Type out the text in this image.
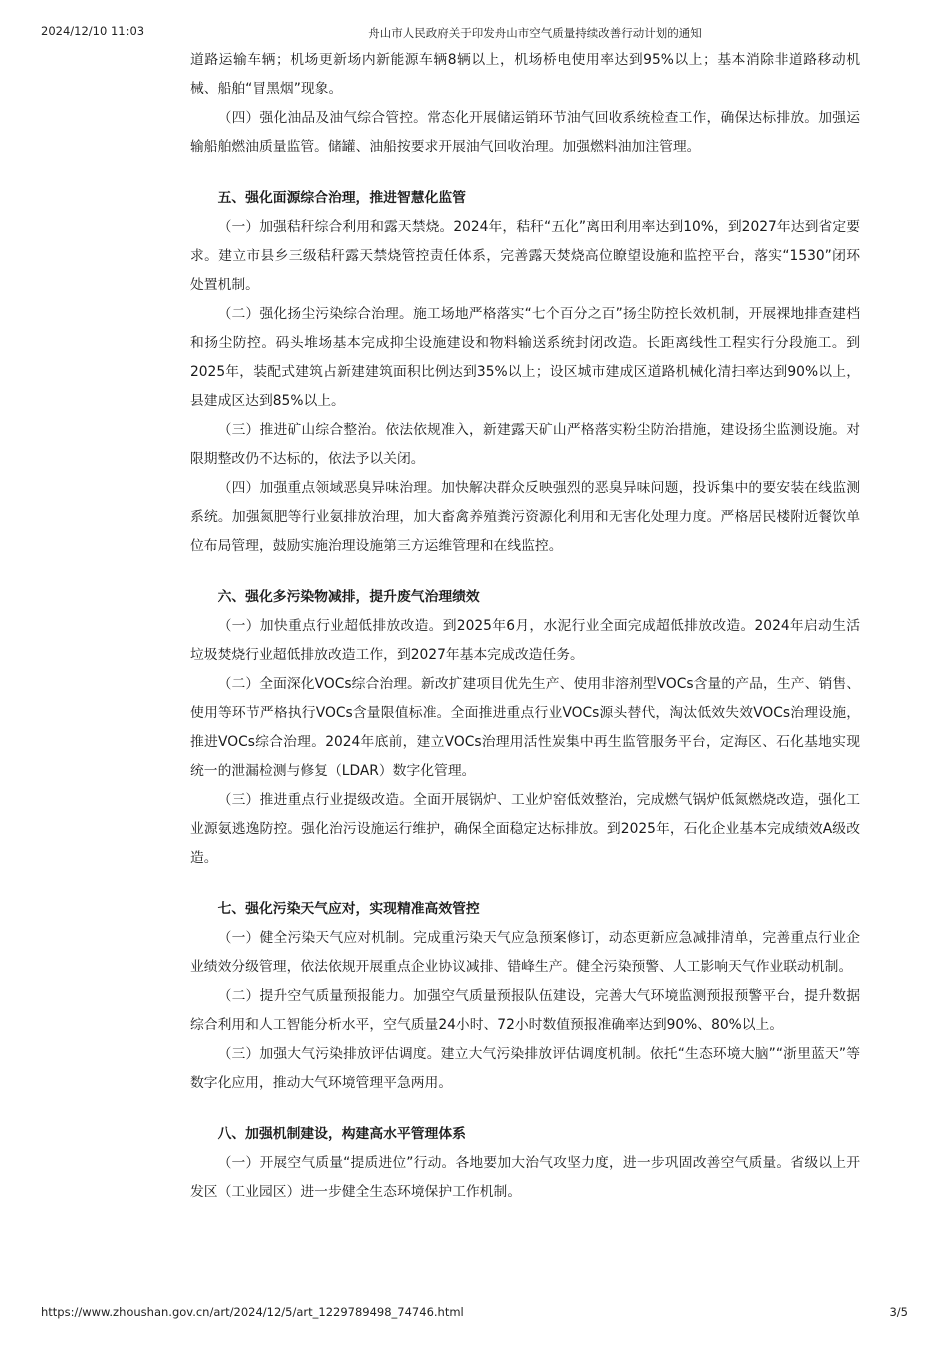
2024/12/10 11:03	舟山市人民政府关于印发舟山市空气质量持续改善行动计划的通知

道路运输车辆；机场更新场内新能源车辆8辆以上，机场桥电使用率达到95%以上；基本消除非道路移动机械、船舶“冒黑烟”现象。

（四）强化油品及油气综合管控。常态化开展储运销环节油气回收系统检查工作，确保达标排放。加强运输船舶燃油质量监管。储罐、油船按要求开展油气回收治理。加强燃料油加注管理。

五、强化面源综合治理，推进智慧化监管

（一）加强秸秆综合利用和露天禁烧。2024年，秸秆“五化”离田利用率达到10%，到2027年达到省定要求。建立市县乡三级秸秆露天禁烧管控责任体系，完善露天焚烧高位瞭望设施和监控平台，落实“1530”闭环处置机制。

（二）强化扬尘污染综合治理。施工场地严格落实“七个百分之百”扬尘防控长效机制，开展裸地排查建档和扬尘防控。码头堆场基本完成抑尘设施建设和物料输送系统封闭改造。长距离线性工程实行分段施工。到2025年，装配式建筑占新建建筑面积比例达到35%以上；设区城市建成区道路机械化清扫率达到90%以上，县建成区达到85%以上。

（三）推进矿山综合整治。依法依规准入，新建露天矿山严格落实粉尘防治措施，建设扬尘监测设施。对限期整改仍不达标的，依法予以关闭。

（四）加强重点领域恶臭异味治理。加快解决群众反映强烈的恶臭异味问题，投诉集中的要安装在线监测系统。加强氮肥等行业氨排放治理，加大畜禽养殖粪污资源化利用和无害化处理力度。严格居民楼附近餐饮单位布局管理，鼓励实施治理设施第三方运维管理和在线监控。

六、强化多污染物减排，提升废气治理绩效

（一）加快重点行业超低排放改造。到2025年6月，水泥行业全面完成超低排放改造。2024年启动生活垃圾焚烧行业超低排放改造工作，到2027年基本完成改造任务。

（二）全面深化VOCs综合治理。新改扩建项目优先生产、使用非溶剂型VOCs含量的产品，生产、销售、使用等环节严格执行VOCs含量限值标准。全面推进重点行业VOCs源头替代，淘汰低效失效VOCs治理设施，推进VOCs综合治理。2024年底前，建立VOCs治理用活性炭集中再生监管服务平台，定海区、石化基地实现统一的泄漏检测与修复（LDAR）数字化管理。

（三）推进重点行业提级改造。全面开展锅炉、工业炉窑低效整治，完成燃气锅炉低氮燃烧改造，强化工业源氨逃逸防控。强化治污设施运行维护，确保全面稳定达标排放。到2025年，石化企业基本完成绩效A级改造。

七、强化污染天气应对，实现精准高效管控

（一）健全污染天气应对机制。完成重污染天气应急预案修订，动态更新应急减排清单，完善重点行业企业绩效分级管理，依法依规开展重点企业协议减排、错峰生产。健全污染预警、人工影响天气作业联动机制。

（二）提升空气质量预报能力。加强空气质量预报队伍建设，完善大气环境监测预报预警平台，提升数据综合利用和人工智能分析水平，空气质量24小时、72小时数值预报准确率达到90%、80%以上。

（三）加强大气污染排放评估调度。建立大气污染排放评估调度机制。依托“生态环境大脑”“浙里蓝天”等数字化应用，推动大气环境管理平急两用。

八、加强机制建设，构建高水平管理体系

（一）开展空气质量“提质进位”行动。各地要加大治气攻坚力度，进一步巩固改善空气质量。省级以上开发区（工业园区）进一步健全生态环境保护工作机制。

https://www.zhoushan.gov.cn/art/2024/12/5/art_1229789498_74746.html	3/5
